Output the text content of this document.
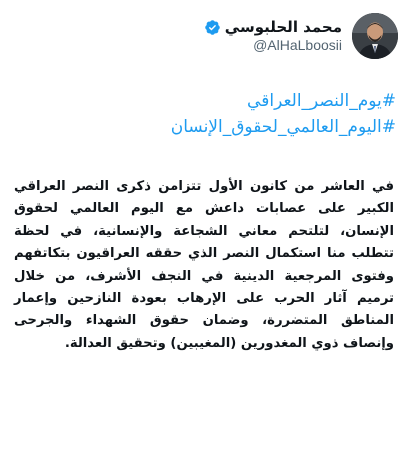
محمد الحلبوسي
@AlHaLboosii
#يوم_النصر_العراقي
#اليوم_العالمي_لحقوق_الإنسان
في العاشر من كانون الأول تتزامن ذكرى النصر العراقي الكبير على عصابات داعش مع اليوم العالمي لحقوق الإنسان، لتلتحم معاني الشجاعة والإنسانية، في لحظة تتطلب منا استكمال النصر الذي حققه العراقيون بتكاتفهم وفتوى المرجعية الدينية في النجف الأشرف، من خلال ترميم آثار الحرب على الإرهاب بعودة النازحين وإعمار المناطق المتضررة، وضمان حقوق الشهداء والجرحى وإنصاف ذوي المغدورين (المغيبين) وتحقيق العدالة.
